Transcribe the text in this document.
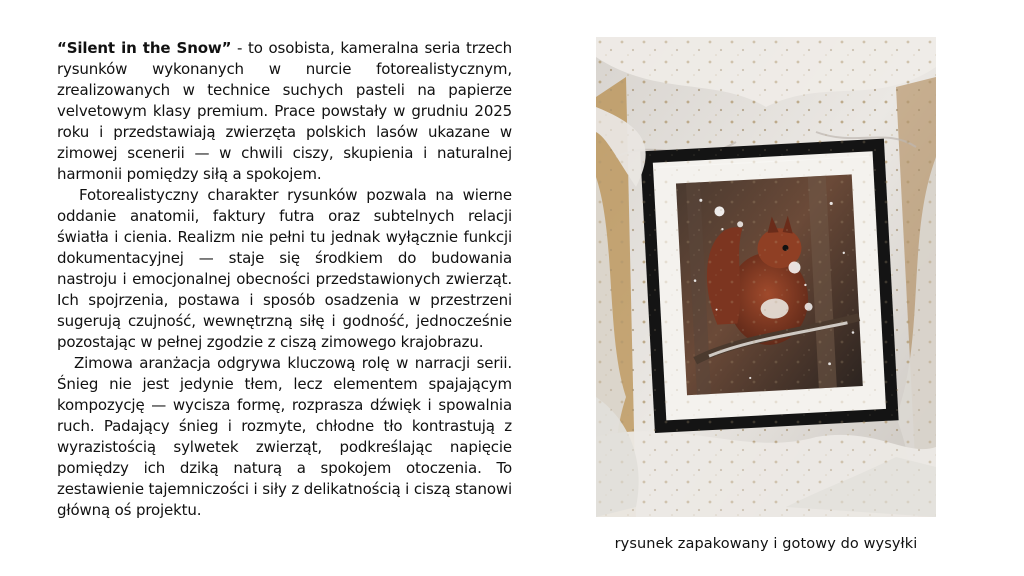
“Silent in the Snow” - to osobista, kameralna seria trzech rysunków wykonanych w nurcie fotorealistycznym, zrealizowanych w technice suchych pasteli na papierze velvetowym klasy premium. Prace powstały w grudniu 2025 roku i przedstawiają zwierzęta polskich lasów ukazane w zimowej scenerii — w chwili ciszy, skupienia i naturalnej harmonii pomiędzy siłą a spokojem.

Fotorealistyczny charakter rysunków pozwala na wierne oddanie anatomii, faktury futra oraz subtelnych relacji światła i cienia. Realizm nie pełni tu jednak wyłącznie funkcji dokumentacyjnej — staje się środkiem do budowania nastroju i emocjonalnej obecności przedstawionych zwierząt. Ich spojrzenia, postawa i sposób osadzenia w przestrzeni sugerują czujność, wewnętrzną siłę i godność, jednocześnie pozostając w pełnej zgodzie z ciszą zimowego krajobrazu.

Zimowa aranżacja odgrywa kluczową rolę w narracji serii. Śnieg nie jest jedynie tłem, lecz elementem spajającym kompozycję — wycisza formę, rozprasza dźwięk i spowalnia ruch. Padający śnieg i rozmyte, chłodne tło kontrastują z wyrazistością sylwetek zwierząt, podkreślając napięcie pomiędzy ich dziką naturą a spokojem otoczenia. To zestawienie tajemniczości i siły z delikatnością i ciszą stanowi główną oś projektu.

rysunek zapakowany i gotowy do wysyłki
